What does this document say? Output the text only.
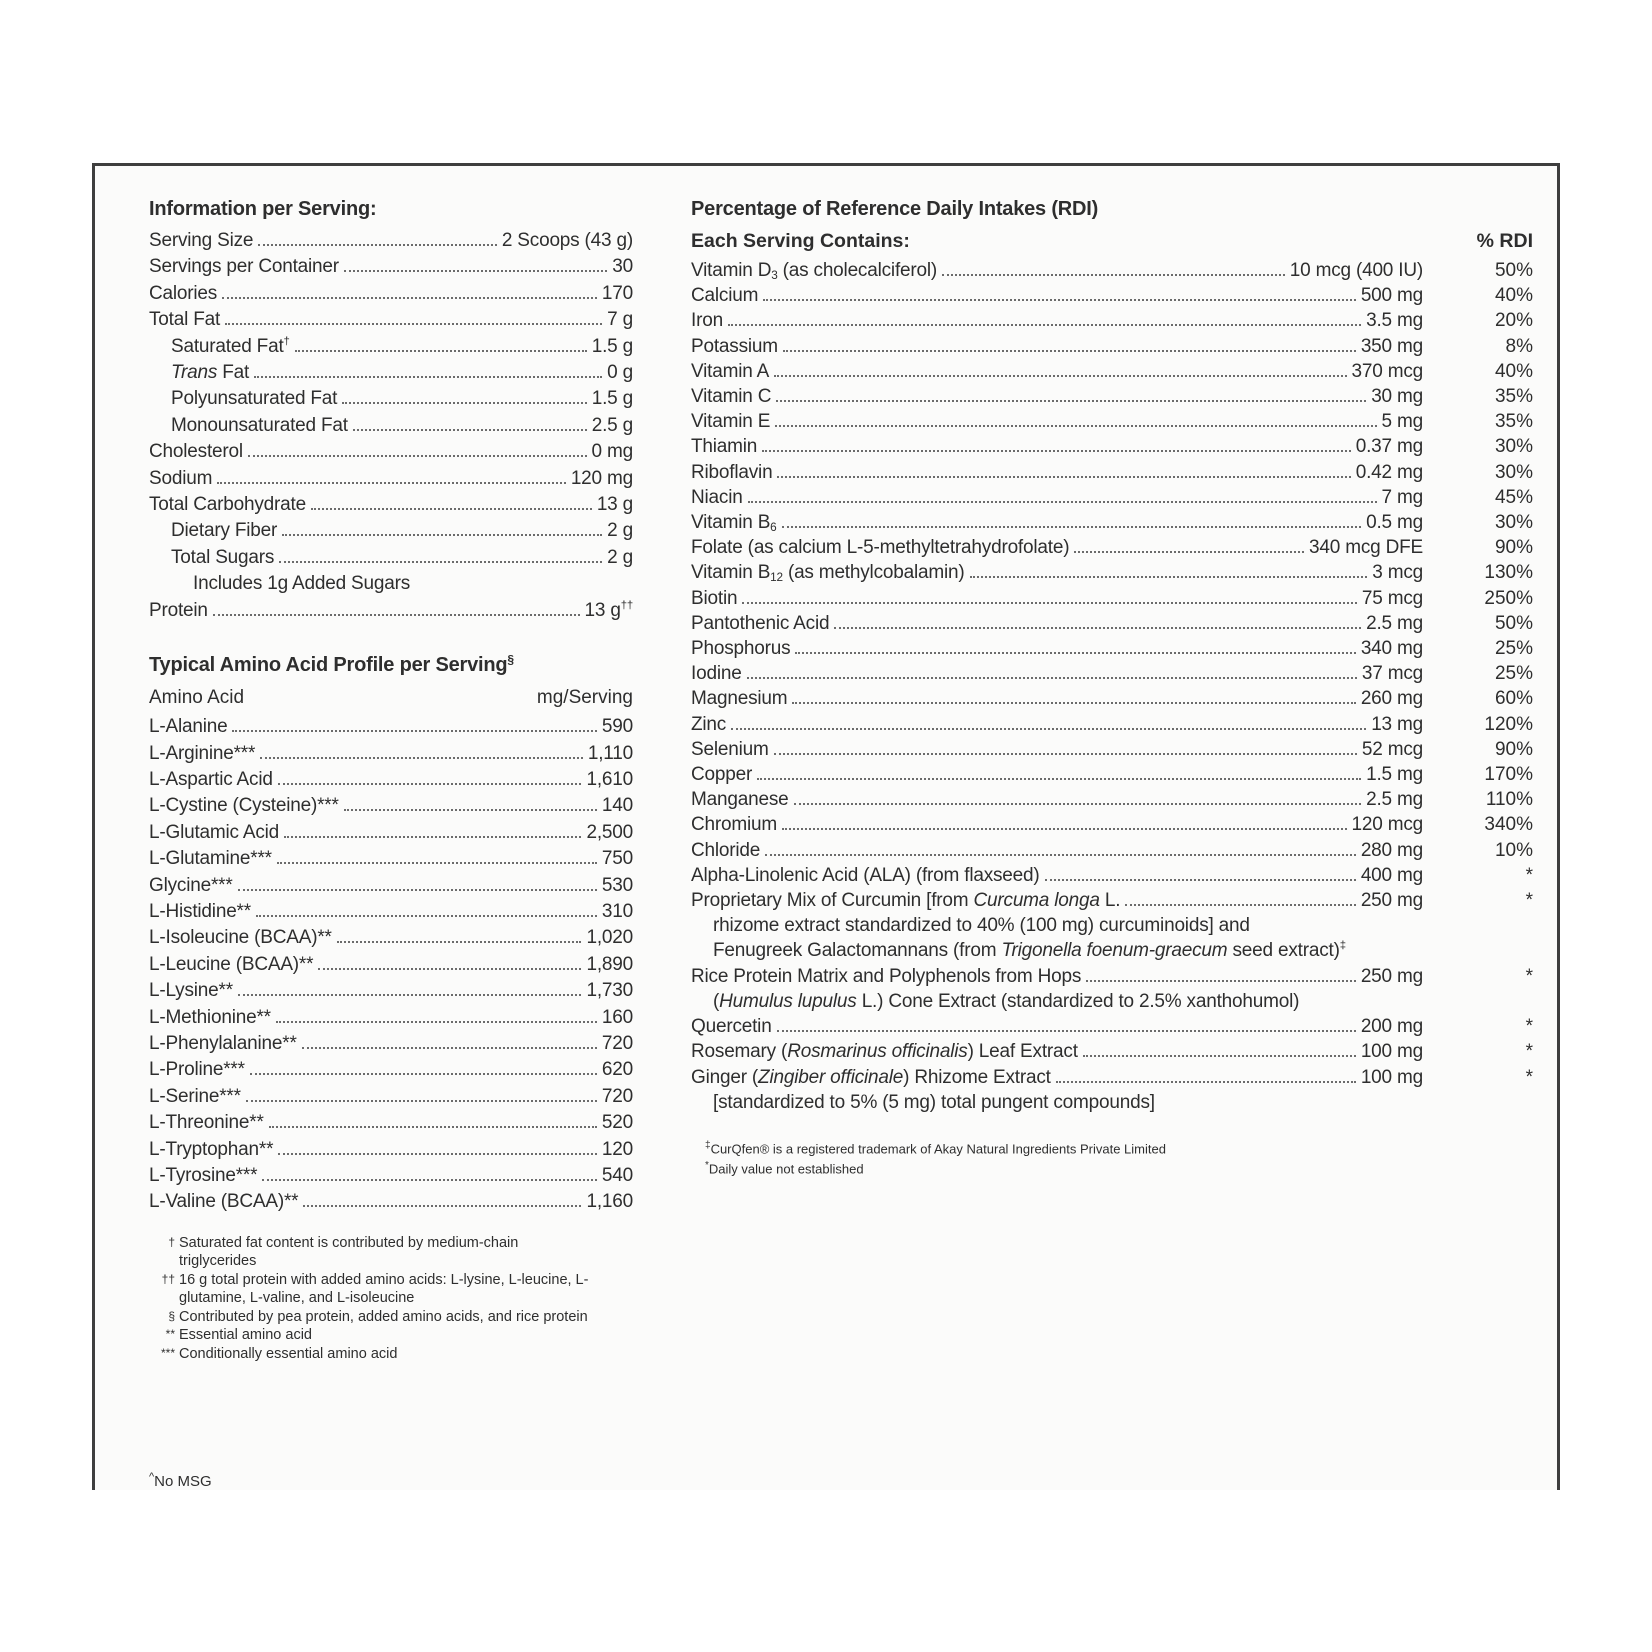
Information per Serving:
Serving Size	2 Scoops (43 g)
Servings per Container	30
Calories	170
Total Fat	7 g
Saturated Fat†	1.5 g
Trans Fat	0 g
Polyunsaturated Fat	1.5 g
Monounsaturated Fat	2.5 g
Cholesterol	0 mg
Sodium	120 mg
Total Carbohydrate	13 g
Dietary Fiber	2 g
Total Sugars	2 g
Includes 1g Added Sugars
Protein	13 g††
Typical Amino Acid Profile per Serving§
Amino Acid	mg/Serving
L-Alanine	590
L-Arginine***	1,110
L-Aspartic Acid	1,610
L-Cystine (Cysteine)***	140
L-Glutamic Acid	2,500
L-Glutamine***	750
Glycine***	530
L-Histidine**	310
L-Isoleucine (BCAA)**	1,020
L-Leucine (BCAA)**	1,890
L-Lysine**	1,730
L-Methionine**	160
L-Phenylalanine**	720
L-Proline***	620
L-Serine***	720
L-Threonine**	520
L-Tryptophan**	120
L-Tyrosine***	540
L-Valine (BCAA)**	1,160
† Saturated fat content is contributed by medium-chain triglycerides
†† 16 g total protein with added amino acids: L-lysine, L-leucine, L-glutamine, L-valine, and L-isoleucine
§ Contributed by pea protein, added amino acids, and rice protein
** Essential amino acid
*** Conditionally essential amino acid
^No MSG
Percentage of Reference Daily Intakes (RDI)
Each Serving Contains:	% RDI
Vitamin D3 (as cholecalciferol)	10 mcg (400 IU)	50%
Calcium	500 mg	40%
Iron	3.5 mg	20%
Potassium	350 mg	8%
Vitamin A	370 mcg	40%
Vitamin C	30 mg	35%
Vitamin E	5 mg	35%
Thiamin	0.37 mg	30%
Riboflavin	0.42 mg	30%
Niacin	7 mg	45%
Vitamin B6	0.5 mg	30%
Folate (as calcium L-5-methyltetrahydrofolate)	340 mcg DFE	90%
Vitamin B12 (as methylcobalamin)	3 mcg	130%
Biotin	75 mcg	250%
Pantothenic Acid	2.5 mg	50%
Phosphorus	340 mg	25%
Iodine	37 mcg	25%
Magnesium	260 mg	60%
Zinc	13 mg	120%
Selenium	52 mcg	90%
Copper	1.5 mg	170%
Manganese	2.5 mg	110%
Chromium	120 mcg	340%
Chloride	280 mg	10%
Alpha-Linolenic Acid (ALA) (from flaxseed)	400 mg	*
Proprietary Mix of Curcumin [from Curcuma longa L.	250 mg	*
rhizome extract standardized to 40% (100 mg) curcuminoids] and
Fenugreek Galactomannans (from Trigonella foenum-graecum seed extract)‡
Rice Protein Matrix and Polyphenols from Hops	250 mg	*
(Humulus lupulus L.) Cone Extract (standardized to 2.5% xanthohumol)
Quercetin	200 mg	*
Rosemary (Rosmarinus officinalis) Leaf Extract	100 mg	*
Ginger (Zingiber officinale) Rhizome Extract	100 mg	*
[standardized to 5% (5 mg) total pungent compounds]
‡CurQfen® is a registered trademark of Akay Natural Ingredients Private Limited
*Daily value not established
